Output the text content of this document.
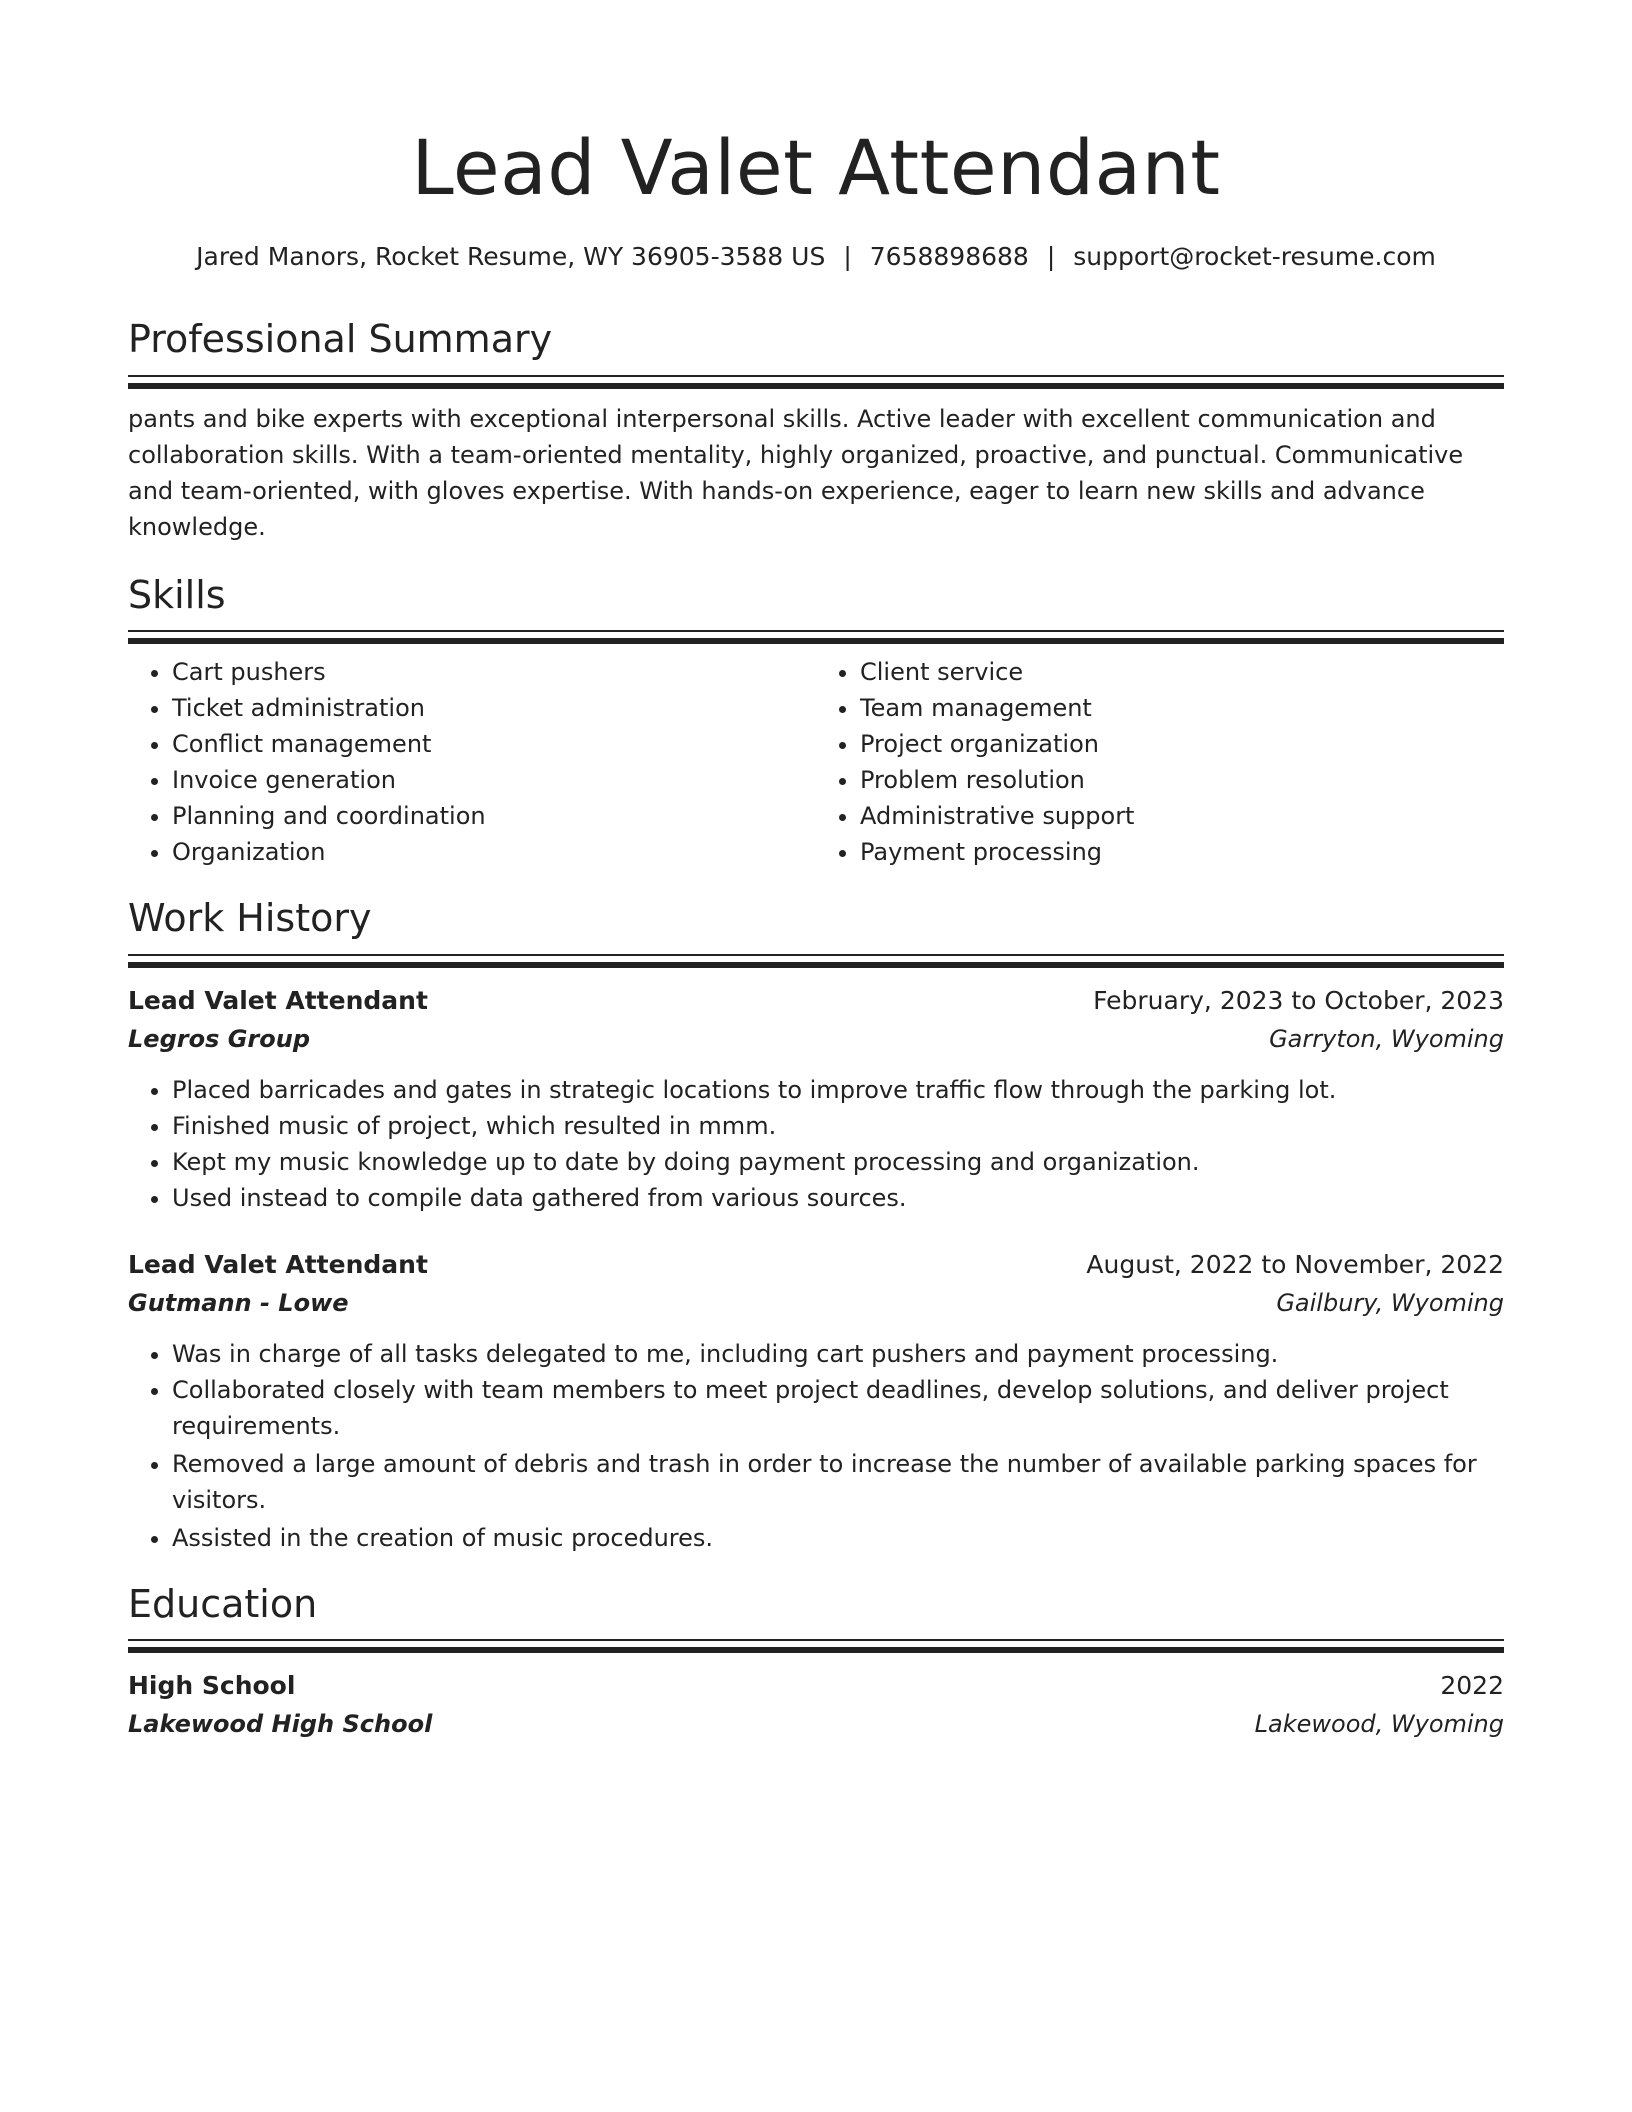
Lead Valet Attendant
Jared Manors, Rocket Resume, WY 36905-3588 US | 7658898688 | support@rocket-resume.com
Professional Summary

pants and bike experts with exceptional interpersonal skills. Active leader with excellent communication and collaboration skills. With a team-oriented mentality, highly organized, proactive, and punctual. Communicative and team-oriented, with gloves expertise. With hands-on experience, eager to learn new skills and advance knowledge.

Skills
• Cart pushers
• Ticket administration
• Conflict management
• Invoice generation
• Planning and coordination
• Organization
• Client service
• Team management
• Project organization
• Problem resolution
• Administrative support
• Payment processing
Work History
Lead Valet Attendant	February, 2023 to October, 2023
Legros Group	Garryton, Wyoming
• Placed barricades and gates in strategic locations to improve traffic flow through the parking lot.
• Finished music of project, which resulted in mmm.
• Kept my music knowledge up to date by doing payment processing and organization.
• Used instead to compile data gathered from various sources.
Lead Valet Attendant	August, 2022 to November, 2022
Gutmann - Lowe	Gailbury, Wyoming
• Was in charge of all tasks delegated to me, including cart pushers and payment processing.
• Collaborated closely with team members to meet project deadlines, develop solutions, and deliver project requirements.
• Removed a large amount of debris and trash in order to increase the number of available parking spaces for visitors.
• Assisted in the creation of music procedures.
Education
High School	2022
Lakewood High School	Lakewood, Wyoming
